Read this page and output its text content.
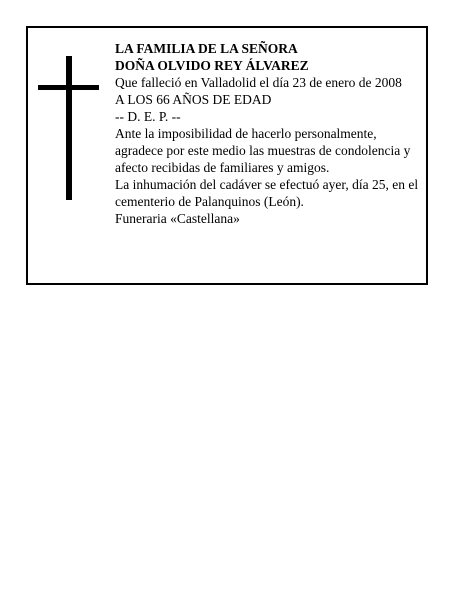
LA FAMILIA DE LA SEÑORA

DOÑA OLVIDO REY ÁLVAREZ

Que falleció en Valladolid el día 23 de enero de 2008

A LOS 66 AÑOS DE EDAD

-- D. E. P. --

Ante la imposibilidad de hacerlo personalmente,

agradece por este medio las muestras de condolencia y

afecto recibidas de familiares y amigos.

La inhumación del cadáver se efectuó ayer, día 25, en el

cementerio de Palanquinos (León).

Funeraria «Castellana»
